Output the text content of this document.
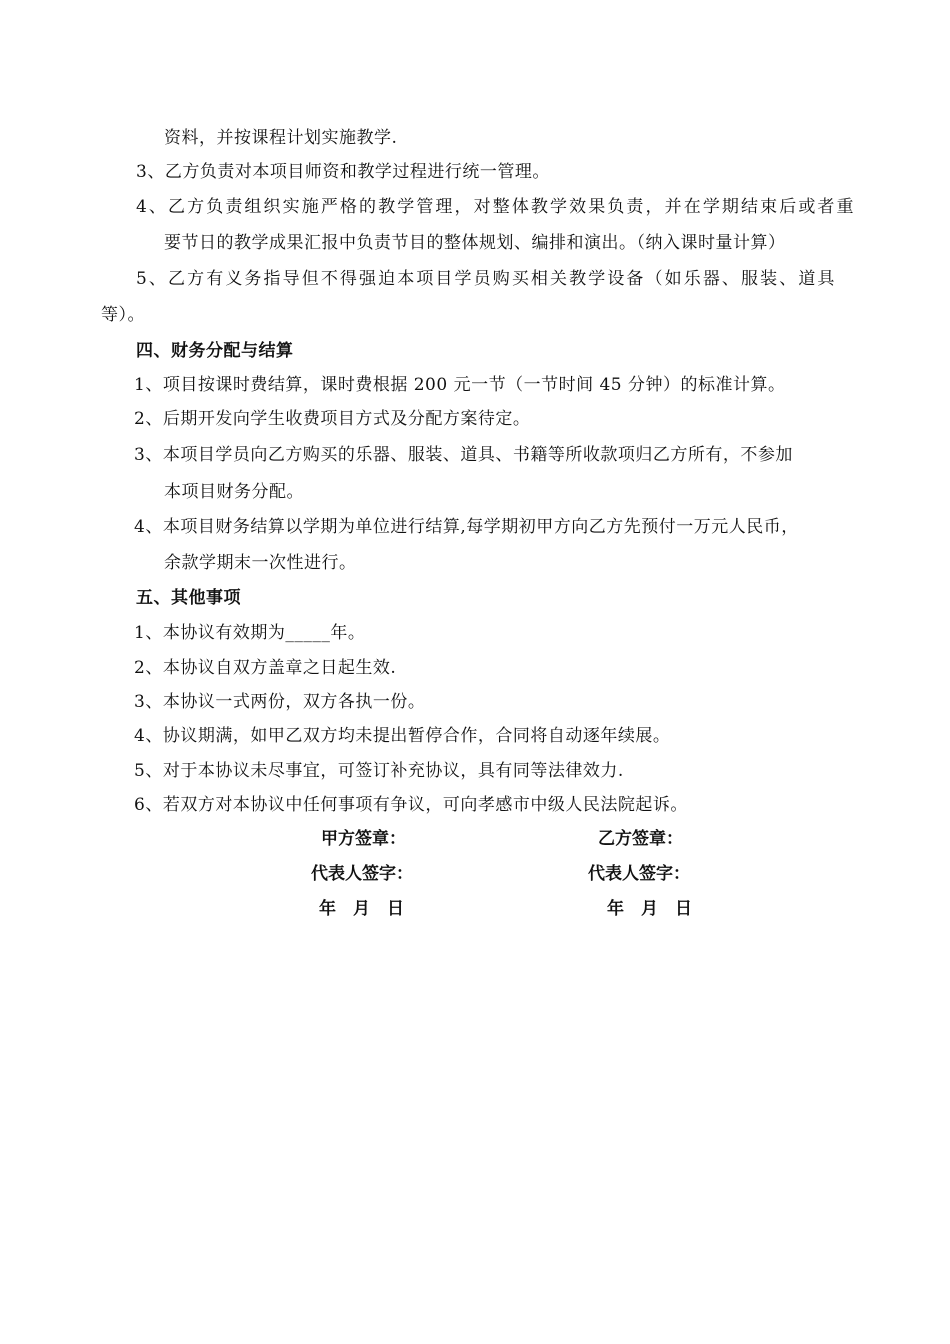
资料，并按课程计划实施教学.
3、乙方负责对本项目师资和教学过程进行统一管理。
4、乙方负责组织实施严格的教学管理，对整体教学效果负责，并在学期结束后或者重
要节日的教学成果汇报中负责节目的整体规划、编排和演出。（纳入课时量计算）
5、乙方有义务指导但不得强迫本项目学员购买相关教学设备（如乐器、服装、道具
等）。
四、财务分配与结算
1、项目按课时费结算，课时费根据 200 元一节（一节时间 45 分钟）的标准计算。
2、后期开发向学生收费项目方式及分配方案待定。
3、本项目学员向乙方购买的乐器、服装、道具、书籍等所收款项归乙方所有，不参加
本项目财务分配。
4、本项目财务结算以学期为单位进行结算,每学期初甲方向乙方先预付一万元人民币，
余款学期末一次性进行。
五、其他事项
1、本协议有效期为_____年。
2、本协议自双方盖章之日起生效.
3、本协议一式两份，双方各执一份。
4、协议期满，如甲乙双方均未提出暂停合作，合同将自动逐年续展。
5、对于本协议未尽事宜，可签订补充协议，具有同等法律效力.
6、若双方对本协议中任何事项有争议，可向孝感市中级人民法院起诉。
甲方签章：	乙方签章：
代表人签字：	代表人签字：
年　月　日	年　月　日
